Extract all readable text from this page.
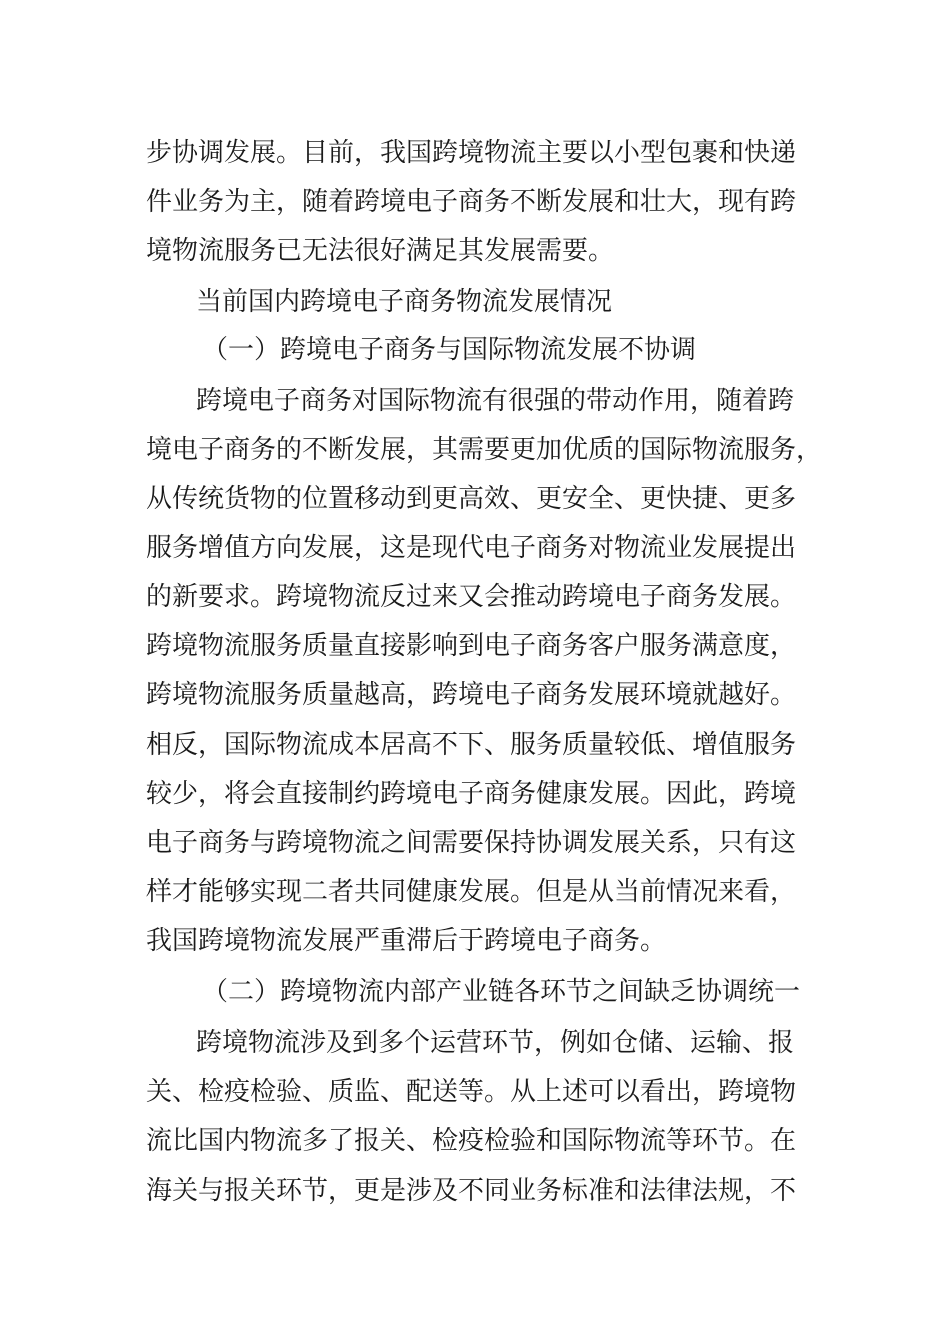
步协调发展。目前，我国跨境物流主要以小型包裹和快递
件业务为主，随着跨境电子商务不断发展和壮大，现有跨
境物流服务已无法很好满足其发展需要。
当前国内跨境电子商务物流发展情况
（一）跨境电子商务与国际物流发展不协调
跨境电子商务对国际物流有很强的带动作用，随着跨
境电子商务的不断发展，其需要更加优质的国际物流服务，
从传统货物的位置移动到更高效、更安全、更快捷、更多
服务增值方向发展，这是现代电子商务对物流业发展提出
的新要求。跨境物流反过来又会推动跨境电子商务发展。
跨境物流服务质量直接影响到电子商务客户服务满意度，
跨境物流服务质量越高，跨境电子商务发展环境就越好。
相反，国际物流成本居高不下、服务质量较低、增值服务
较少，将会直接制约跨境电子商务健康发展。因此，跨境
电子商务与跨境物流之间需要保持协调发展关系，只有这
样才能够实现二者共同健康发展。但是从当前情况来看，
我国跨境物流发展严重滞后于跨境电子商务。
（二）跨境物流内部产业链各环节之间缺乏协调统一
跨境物流涉及到多个运营环节，例如仓储、运输、报
关、检疫检验、质监、配送等。从上述可以看出，跨境物
流比国内物流多了报关、检疫检验和国际物流等环节。在
海关与报关环节，更是涉及不同业务标准和法律法规，不
